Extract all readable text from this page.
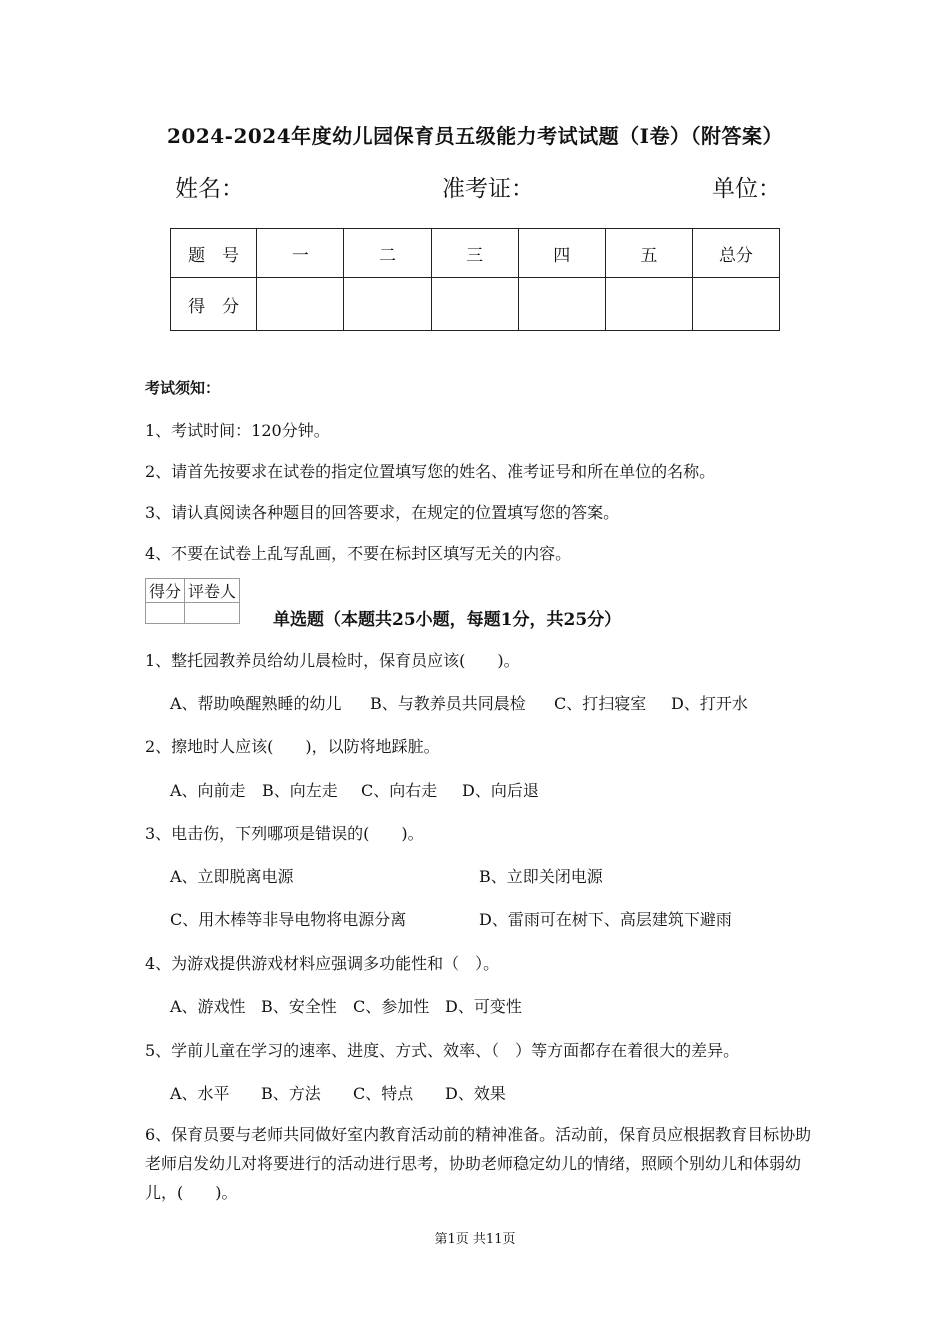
2024-2024年度幼儿园保育员五级能力考试试题（I卷）（附答案）
姓名：	准考证：	单位：
题　号	一	二	三	四	五	总分
得　分						
考试须知：
1、考试时间：120分钟。
2、请首先按要求在试卷的指定位置填写您的姓名、准考证号和所在单位的名称。
3、请认真阅读各种题目的回答要求，在规定的位置填写您的答案。
4、不要在试卷上乱写乱画，不要在标封区填写无关的内容。
得分	评卷人

单选题（本题共25小题，每题1分，共25分）
1、整托园教养员给幼儿晨检时，保育员应该(　　)。
A、帮助唤醒熟睡的幼儿 B、与教养员共同晨检 C、打扫寝室 D、打开水
2、擦地时人应该(　　)，以防将地踩脏。
A、向前走 B、向左走 C、向右走 D、向后退
3、电击伤，下列哪项是错误的(　　)。
A、立即脱离电源	B、立即关闭电源
C、用木棒等非导电物将电源分离	D、雷雨可在树下、高层建筑下避雨
4、为游戏提供游戏材料应强调多功能性和（　）。
A、游戏性 B、安全性 C、参加性 D、可变性
5、学前儿童在学习的速率、进度、方式、效率、（　）等方面都存在着很大的差异。
A、水平 B、方法 C、特点 D、效果
6、保育员要与老师共同做好室内教育活动前的精神准备。活动前，保育员应根据教育目标协助老师启发幼儿对将要进行的活动进行思考，协助老师稳定幼儿的情绪，照顾个别幼儿和体弱幼儿，(　　)。
第1页 共11页
